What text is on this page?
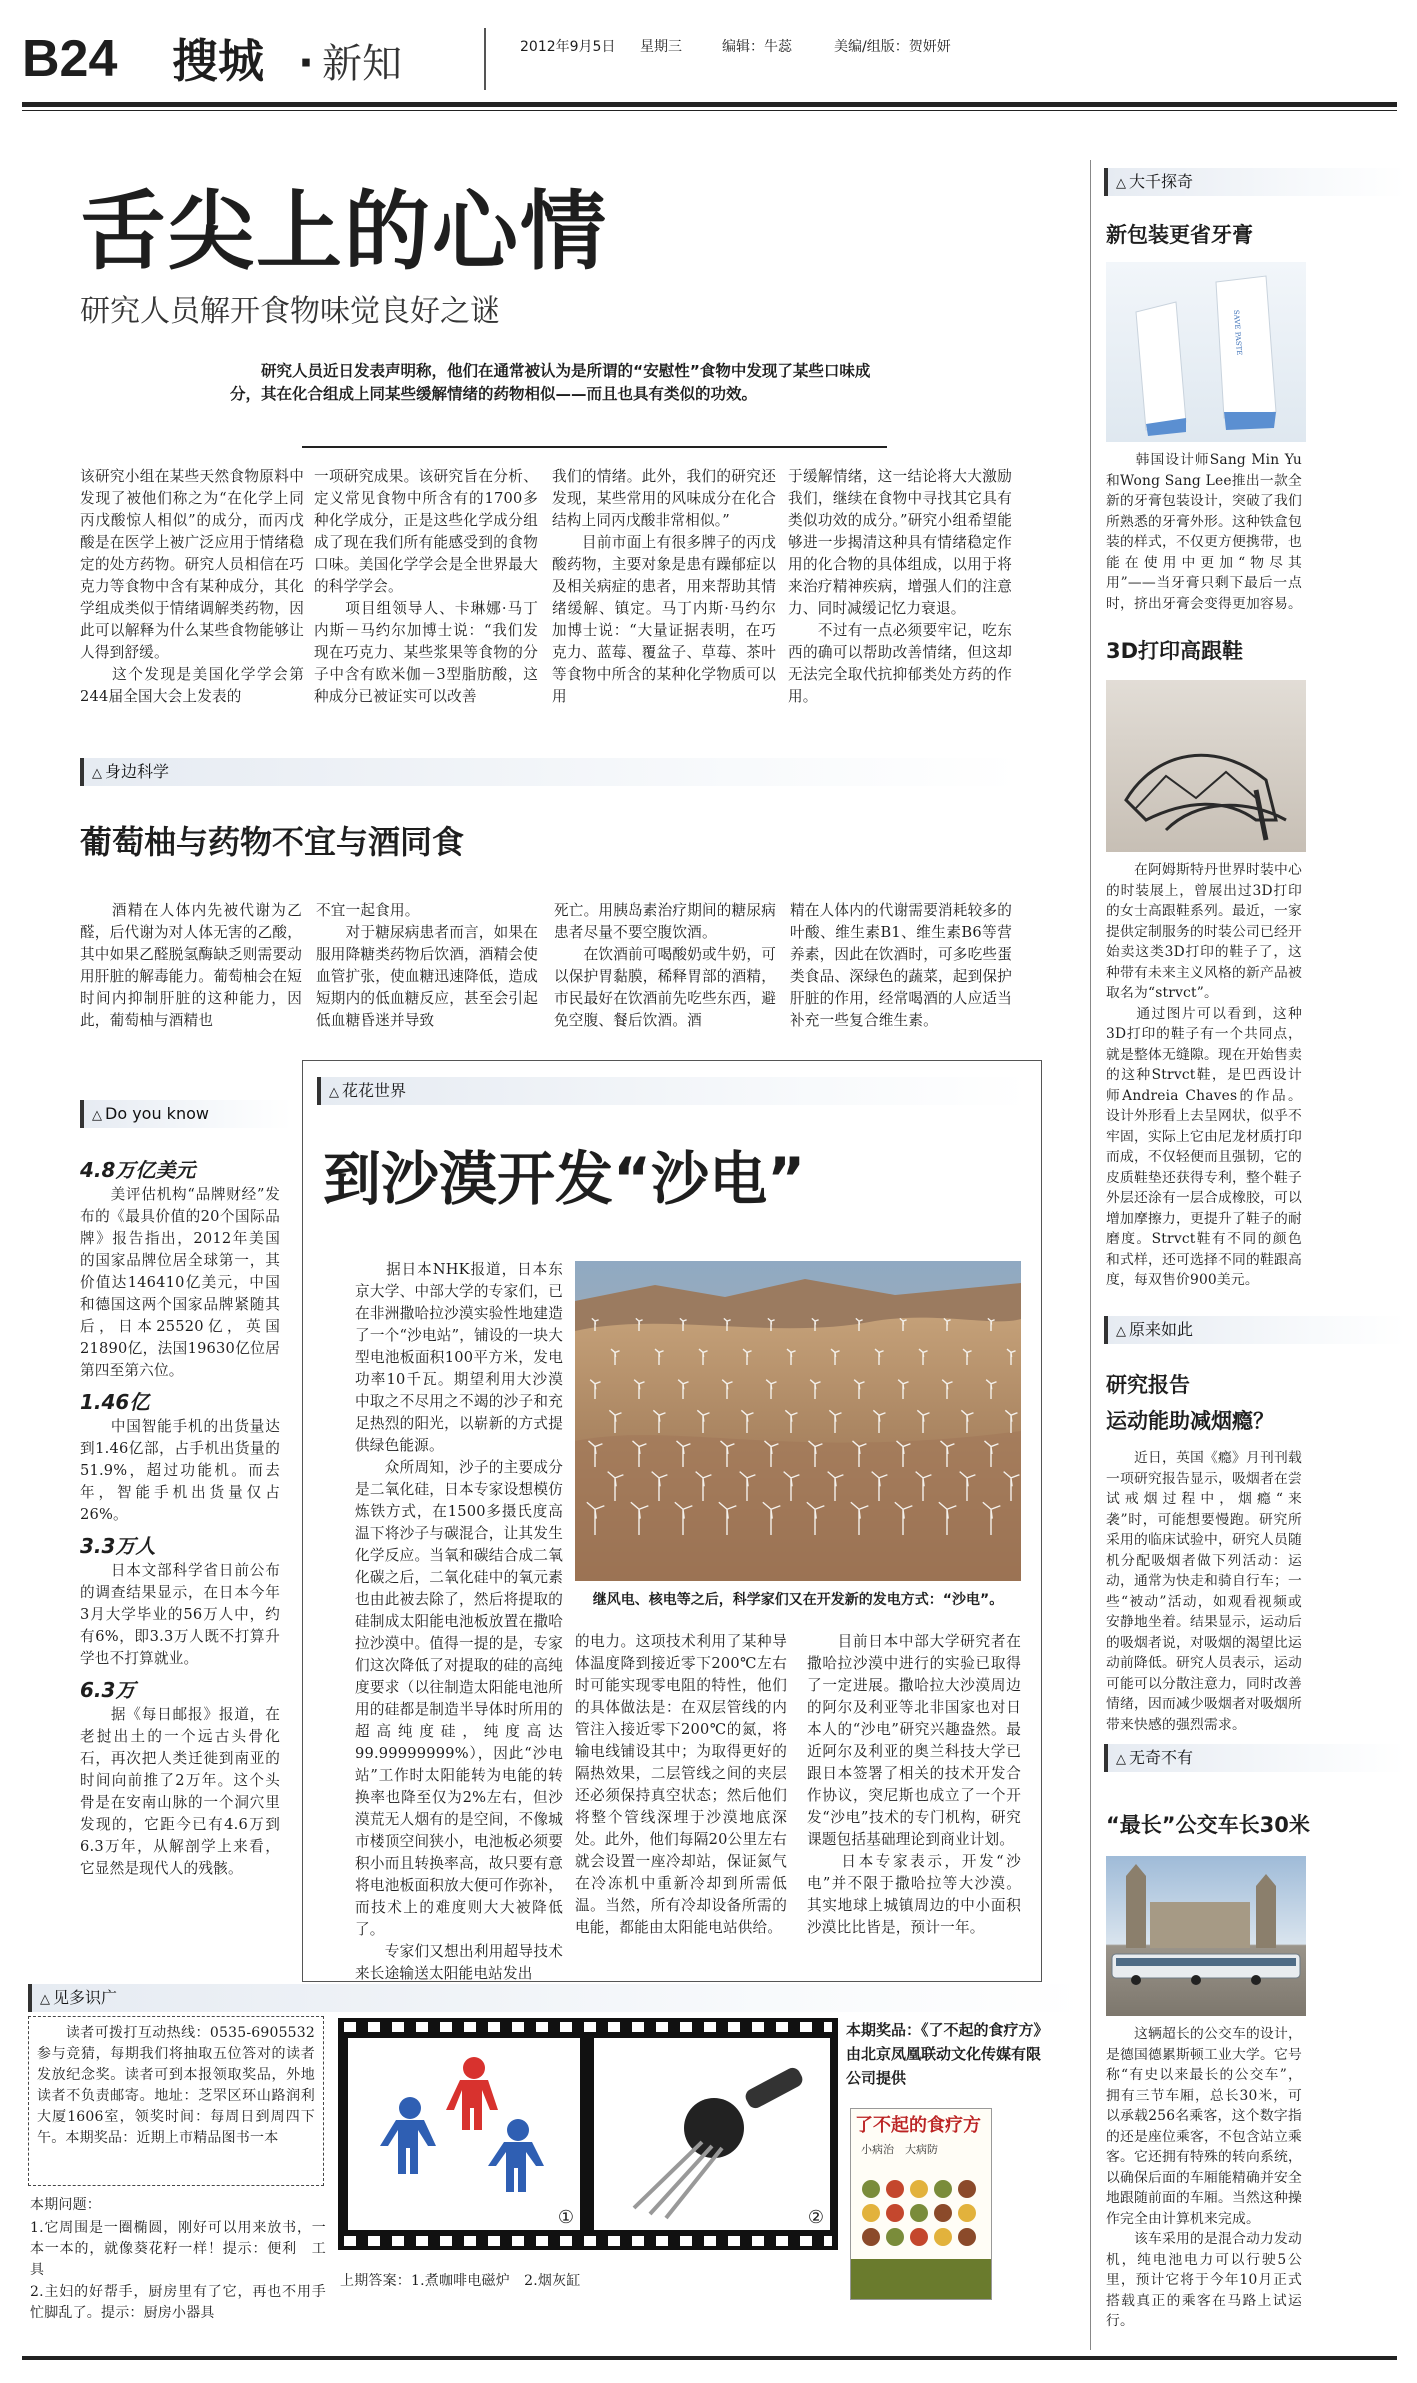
B24 搜城 · 新知	2012年9月5日 星期三	编辑：牛蕊	美编/组版：贺妍妍
舌尖上的心情
研究人员解开食物味觉良好之谜
研究人员近日发表声明称，他们在通常被认为是所谓的“安慰性”食物中发现了某些口味成分，其在化合组成上同某些缓解情绪的药物相似——而且也具有类似的功效。
该研究小组在某些天然食物原料中发现了被他们称之为“在化学上同丙戊酸惊人相似”的成分，而丙戊酸是在医学上被广泛应用于情绪稳定的处方药物。研究人员相信在巧克力等食物中含有某种成分，其化学组成类似于情绪调解类药物，因此可以解释为什么某些食物能够让人得到舒缓。
　　这个发现是美国化学学会第244届全国大会上发表的
一项研究成果。该研究旨在分析、定义常见食物中所含有的1700多种化学成分，正是这些化学成分组成了现在我们所有能感受到的食物口味。美国化学学会是全世界最大的科学学会。
　　项目组领导人、卡琳娜·马丁内斯－马约尔加博士说：“我们发现在巧克力、某些浆果等食物的分子中含有欧米伽－3型脂肪酸，这种成分已被证实可以改善
我们的情绪。此外，我们的研究还发现，某些常用的风味成分在化合结构上同丙戊酸非常相似。”
　　目前市面上有很多牌子的丙戊酸药物，主要对象是患有躁郁症以及相关病症的患者，用来帮助其情绪缓解、镇定。马丁内斯·马约尔加博士说：“大量证据表明，在巧克力、蓝莓、覆盆子、草莓、茶叶等食物中所含的某种化学物质可以用
于缓解情绪，这一结论将大大激励我们，继续在食物中寻找其它具有类似功效的成分。”研究小组希望能够进一步揭清这种具有情绪稳定作用的化合物的具体组成，以用于将来治疗精神疾病，增强人们的注意力、同时减缓记忆力衰退。
　　不过有一点必须要牢记，吃东西的确可以帮助改善情绪，但这却无法完全取代抗抑郁类处方药的作用。
△ 身边科学
葡萄柚与药物不宜与酒同食
　　酒精在人体内先被代谢为乙醛，后代谢为对人体无害的乙酸，其中如果乙醛脱氢酶缺乏则需要动用肝脏的解毒能力。葡萄柚会在短时间内抑制肝脏的这种能力，因此，葡萄柚与酒精也
不宜一起食用。
　　对于糖尿病患者而言，如果在服用降糖类药物后饮酒，酒精会使血管扩张，使血糖迅速降低，造成短期内的低血糖反应，甚至会引起低血糖昏迷并导致
死亡。用胰岛素治疗期间的糖尿病患者尽量不要空腹饮酒。
　　在饮酒前可喝酸奶或牛奶，可以保护胃黏膜，稀释胃部的酒精，市民最好在饮酒前先吃些东西，避免空腹、餐后饮酒。酒
精在人体内的代谢需要消耗较多的叶酸、维生素B1、维生素B6等营养素，因此在饮酒时，可多吃些蛋类食品、深绿色的蔬菜，起到保护肝脏的作用，经常喝酒的人应适当补充一些复合维生素。
△ Do you know
4.8万亿美元
　　美评估机构“品牌财经”发布的《最具价值的20个国际品牌》报告指出，2012年美国的国家品牌位居全球第一，其价值达146410亿美元，中国和德国这两个国家品牌紧随其后，日本25520亿，英国21890亿，法国19630亿位居第四至第六位。
1.46亿
　　中国智能手机的出货量达到1.46亿部，占手机出货量的51.9%，超过功能机。而去年，智能手机出货量仅占26%。
3.3万人
　　日本文部科学省日前公布的调查结果显示，在日本今年3月大学毕业的56万人中，约有6%，即3.3万人既不打算升学也不打算就业。
6.3万
　　据《每日邮报》报道，在老挝出土的一个远古头骨化石，再次把人类迁徙到南亚的时间向前推了2万年。这个头骨是在安南山脉的一个洞穴里发现的，它距今已有4.6万到6.3万年，从解剖学上来看，它显然是现代人的残骸。
△ 花花世界
到沙漠开发“沙电”
　　据日本NHK报道，日本东京大学、中部大学的专家们，已在非洲撒哈拉沙漠实验性地建造了一个“沙电站”，铺设的一块大型电池板面积100平方米，发电功率10千瓦。期望利用大沙漠中取之不尽用之不竭的沙子和充足热烈的阳光，以崭新的方式提供绿色能源。
　　众所周知，沙子的主要成分是二氧化硅，日本专家设想模仿炼铁方式，在1500多摄氏度高温下将沙子与碳混合，让其发生化学反应。当氧和碳结合成二氧化碳之后，二氧化硅中的氧元素也由此被去除了，然后将提取的硅制成太阳能电池板放置在撒哈拉沙漠中。值得一提的是，专家们这次降低了对提取的硅的高纯度要求（以往制造太阳能电池所用的硅都是制造半导体时所用的超高纯度硅，纯度高达99.99999999%），因此“沙电站”工作时太阳能转为电能的转换率也降至仅为2%左右，但沙漠荒无人烟有的是空间，不像城市楼顶空间狭小，电池板必须要积小而且转换率高，故只要有意将电池板面积放大便可作弥补，而技术上的难度则大大被降低了。
　　专家们又想出利用超导技术来长途输送太阳能电站发出
继风电、核电等之后，科学家们又在开发新的发电方式：“沙电”。
的电力。这项技术利用了某种导体温度降到接近零下200℃左右时可能实现零电阻的特性，他们的具体做法是：在双层管线的内管注入接近零下200℃的氮，将输电线铺设其中；为取得更好的隔热效果，二层管线之间的夹层还必须保持真空状态；然后他们将整个管线深埋于沙漠地底深处。此外，他们每隔20公里左右就会设置一座冷却站，保证氮气在冷冻机中重新冷却到所需低温。当然，所有冷却设备所需的电能，都能由太阳能电站供给。
　　目前日本中部大学研究者在撒哈拉沙漠中进行的实验已取得了一定进展。撒哈拉大沙漠周边的阿尔及利亚等北非国家也对日本人的“沙电”研究兴趣盎然。最近阿尔及利亚的奥兰科技大学已跟日本签署了相关的技术开发合作协议，突尼斯也成立了一个开发“沙电”技术的专门机构，研究课题包括基础理论到商业计划。
　　日本专家表示，开发“沙电”并不限于撒哈拉等大沙漠。其实地球上城镇周边的中小面积沙漠比比皆是，预计一年。
△ 见多识广
　　读者可拨打互动热线：0535-6905532参与竞猜，每期我们将抽取五位答对的读者发放纪念奖。读者可到本报领取奖品，外地读者不负责邮寄。地址：芝罘区环山路润利大厦1606室，领奖时间：每周日到周四下午。本期奖品：近期上市精品图书一本
本期问题：
1.它周围是一圈椭圆，刚好可以用来放书，一本一本的，就像葵花籽一样！提示：便利　工具
2.主妇的好帮手，厨房里有了它，再也不用手忙脚乱了。提示：厨房小器具
①	②
上期答案：1.煮咖啡电磁炉　2.烟灰缸
本期奖品：《了不起的食疗方》由北京凤凰联动文化传媒有限公司提供
了不起的食疗方
小病治　大病防
△ 大千探奇
新包装更省牙膏
SAVE PASTE
　　韩国设计师Sang Min Yu和Wong Sang Lee推出一款全新的牙膏包装设计，突破了我们所熟悉的牙膏外形。这种铁盒包装的样式，不仅更方便携带，也能在使用中更加“物尽其用”——当牙膏只剩下最后一点时，挤出牙膏会变得更加容易。
3D打印高跟鞋
　　在阿姆斯特丹世界时装中心的时装展上，曾展出过3D打印的女士高跟鞋系列。最近，一家提供定制服务的时装公司已经开始卖这类3D打印的鞋子了，这种带有未来主义风格的新产品被取名为“strvct”。
　　通过图片可以看到，这种3D打印的鞋子有一个共同点，就是整体无缝隙。现在开始售卖的这种Strvct鞋，是巴西设计师Andreia Chaves的作品。设计外形看上去呈网状，似乎不牢固，实际上它由尼龙材质打印而成，不仅轻便而且强韧，它的皮质鞋垫还获得专利，整个鞋子外层还涂有一层合成橡胶，可以增加摩擦力，更提升了鞋子的耐磨度。Strvct鞋有不同的颜色和式样，还可选择不同的鞋跟高度，每双售价900美元。
△ 原来如此
研究报告
运动能助减烟瘾？
　　近日，英国《瘾》月刊刊载一项研究报告显示，吸烟者在尝试戒烟过程中，烟瘾“来袭”时，可能想要慢跑。研究所采用的临床试验中，研究人员随机分配吸烟者做下列活动：运动，通常为快走和骑自行车；一些“被动”活动，如观看视频或安静地坐着。结果显示，运动后的吸烟者说，对吸烟的渴望比运动前降低。研究人员表示，运动可能可以分散注意力，同时改善情绪，因而减少吸烟者对吸烟所带来快感的强烈需求。
△ 无奇不有
“最长”公交车长30米
　　这辆超长的公交车的设计，是德国德累斯顿工业大学。它号称“有史以来最长的公交车”，拥有三节车厢，总长30米，可以承载256名乘客，这个数字指的还是座位乘客，不包含站立乘客。它还拥有特殊的转向系统，以确保后面的车厢能精确并安全地跟随前面的车厢。当然这种操作完全由计算机来完成。
　　该车采用的是混合动力发动机，纯电池电力可以行驶5公里，预计它将于今年10月正式搭载真正的乘客在马路上试运行。
